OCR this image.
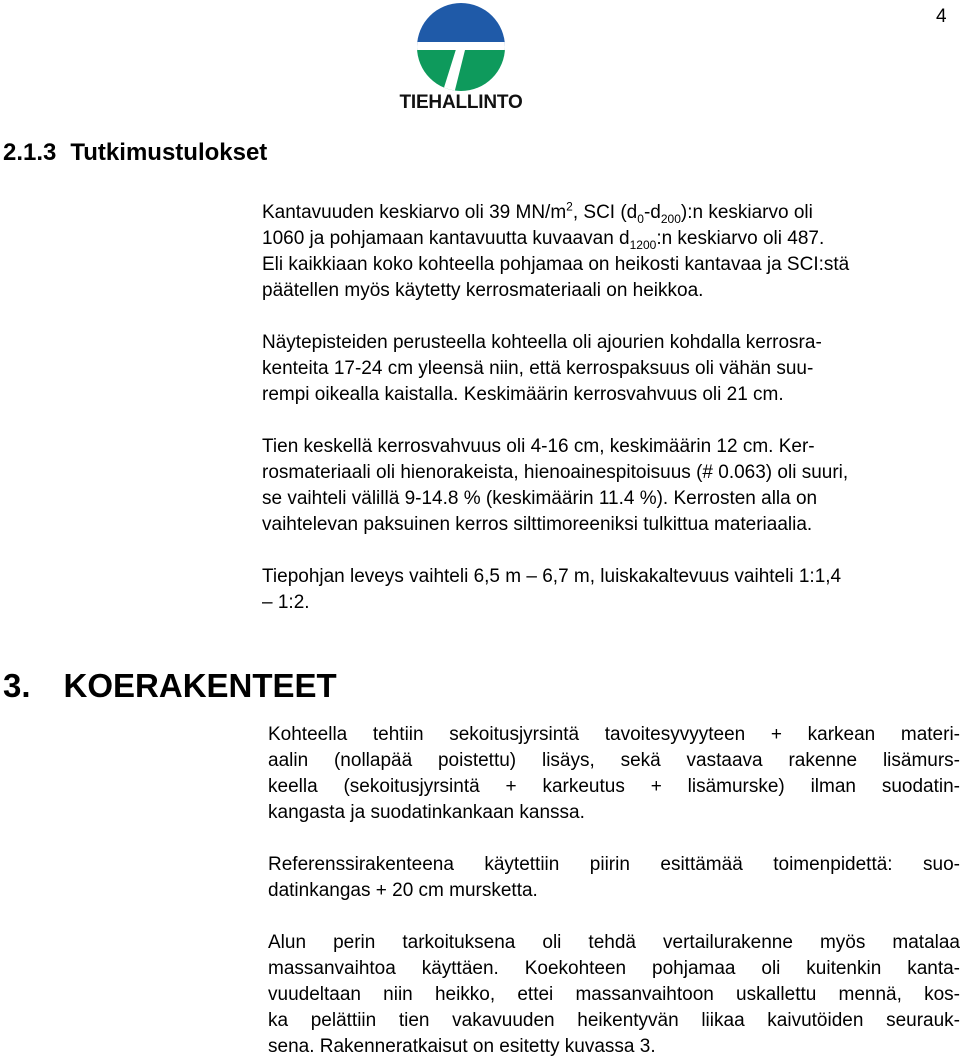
4
TIEHALLINTO
2.1.3 Tutkimustulokset

Kantavuuden keskiarvo oli 39 $MN/m^2$, SCI $(d_0-d_{200}):n$ keskiarvo oli
1060 ja pohjamaan kantavuutta kuvaavan $d_{1200}:n$ keskiarvo oli 487.
Eli kaikkiaan koko kohteella pohjamaa on heikosti kantavaa ja SCI:stä
päätellen myös käytetty kerrosmateriaali on heikkoa.

Näytepisteiden perusteella kohteella oli ajourien kohdalla kerrosra-
kenteita 17-24 cm yleensä niin, että kerrospaksuus oli vähän suu-
rempi oikealla kaistalla. Keskimäärin kerrosvahvuus oli 21 cm.

Tien keskellä kerrosvahvuus oli 4-16 cm, keskimäärin 12 cm. Ker-
rosmateriaali oli hienorakeista, hienoainespitoisuus (# 0.063) oli suuri,
se vaihteli välillä 9-14.8 % (keskimäärin 11.4 %). Kerrosten alla on
vaihtelevan paksuinen kerros silttimoreeniksi tulkittua materiaalia.

Tiepohjan leveys vaihteli 6,5 m – 6,7 m, luiskakaltevuus vaihteli 1:1,4
– 1:2.

3. KOERAKENTEET

Kohteella tehtiin sekoitusjyrsintä tavoitesyvyyteen + karkean materi-
aalin (nollapää poistettu) lisäys, sekä vastaava rakenne lisämurs-
keella (sekoitusjyrsintä + karkeutus + lisämurske) ilman suodatin-
kangasta ja suodatinkankaan kanssa.

Referenssirakenteena käytettiin piirin esittämää toimenpidettä: suo-
datinkangas + 20 cm mursketta.

Alun perin tarkoituksena oli tehdä vertailurakenne myös matalaa
massanvaihtoa käyttäen. Koekohteen pohjamaa oli kuitenkin kanta-
vuudeltaan niin heikko, ettei massanvaihtoon uskallettu mennä, kos-
ka pelättiin tien vakavuuden heikentyvän liikaa kaivutöiden seurauk-
sena. Rakenneratkaisut on esitetty kuvassa 3.
